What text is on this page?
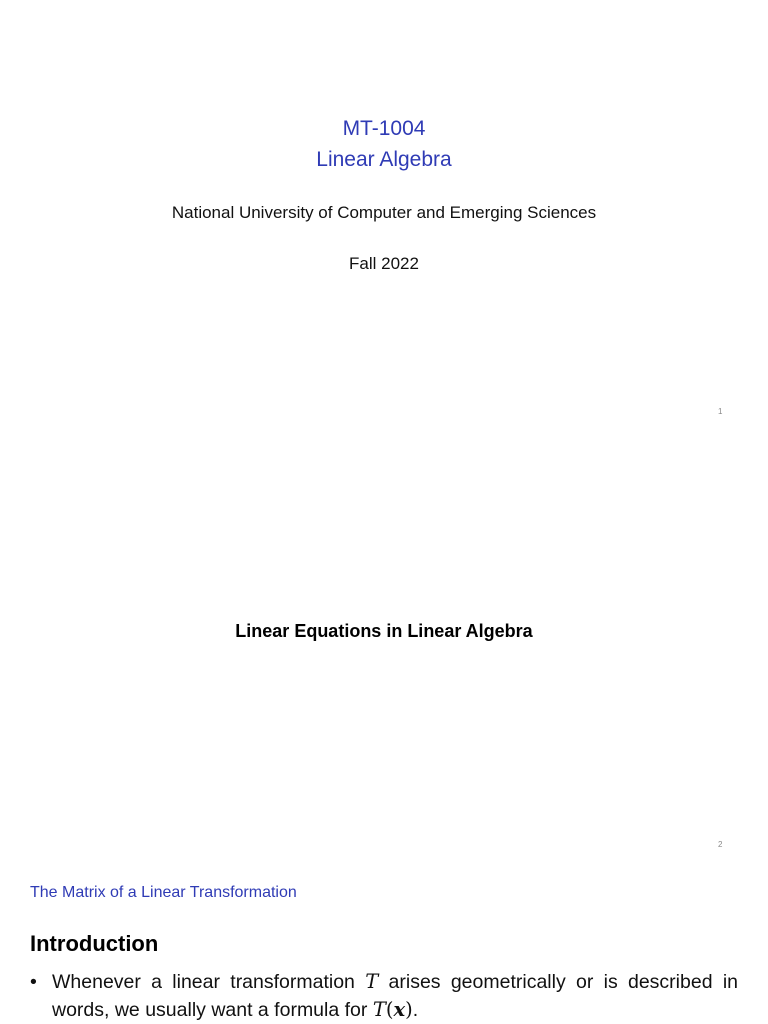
MT-1004
Linear Algebra
National University of Computer and Emerging Sciences
Fall 2022
1
Linear Equations in Linear Algebra
2
The Matrix of a Linear Transformation
Introduction
• Whenever a linear transformation T arises geometrically or is described in words, we usually want a formula for T(x).
